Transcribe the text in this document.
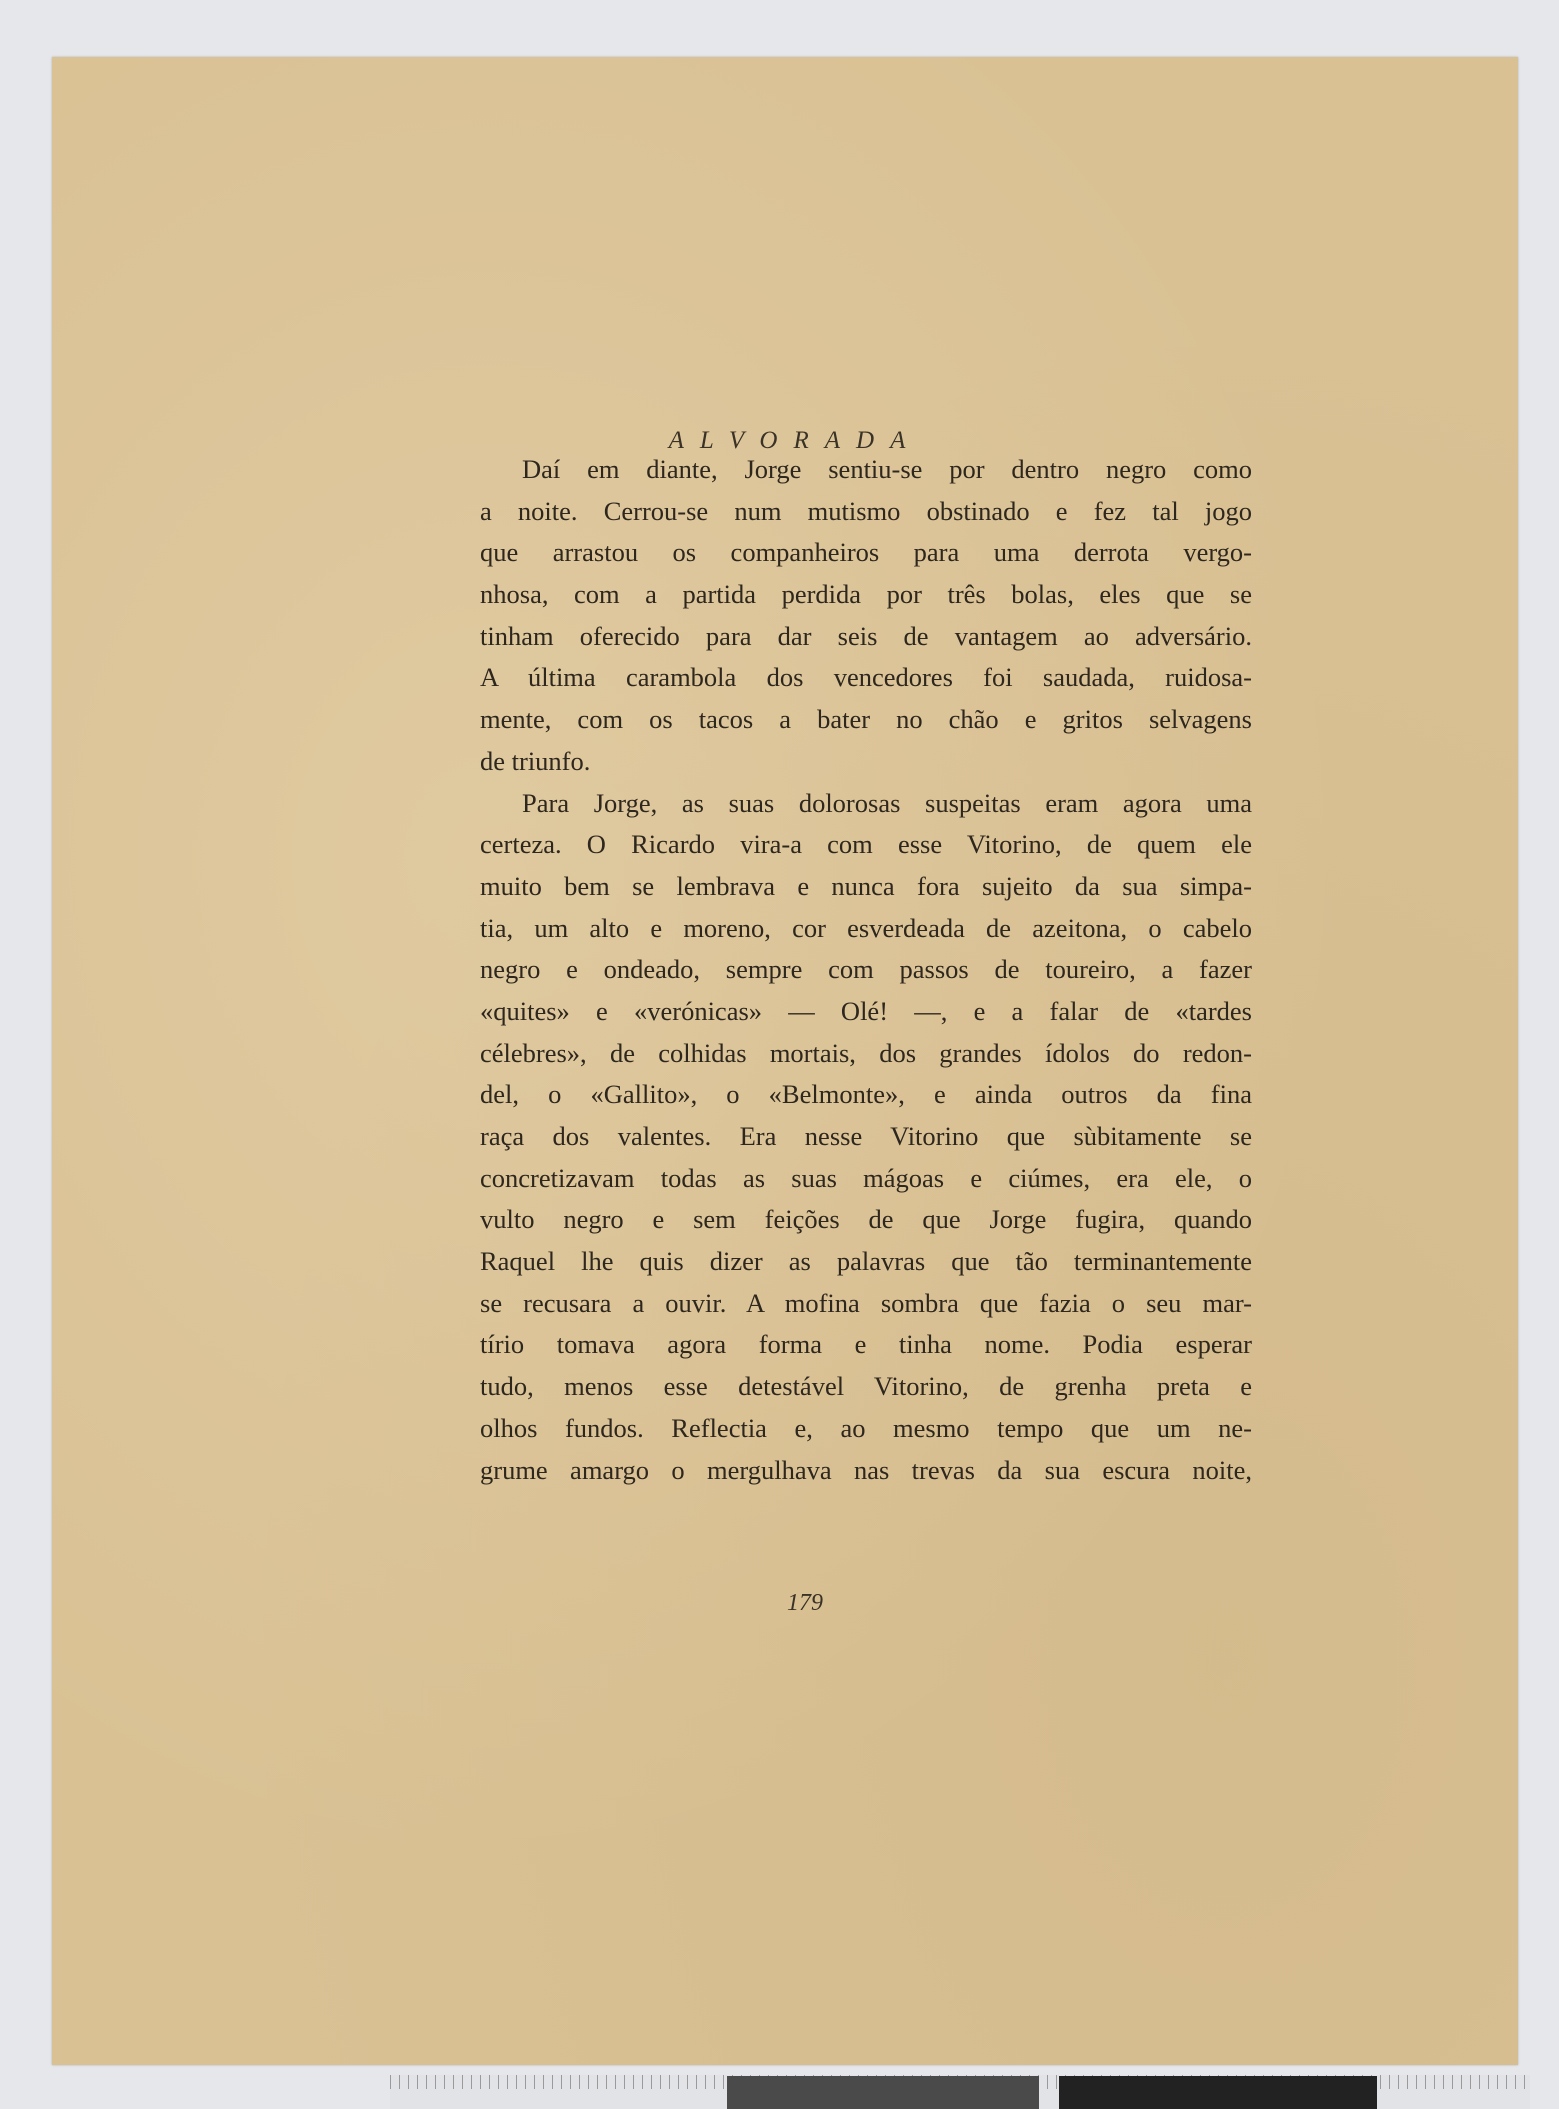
ALVORADA
Daí em diante, Jorge sentiu-se por dentro negro como
a noite. Cerrou-se num mutismo obstinado e fez tal jogo
que arrastou os companheiros para uma derrota vergo-
nhosa, com a partida perdida por três bolas, eles que se
tinham oferecido para dar seis de vantagem ao adversário.
A última carambola dos vencedores foi saudada, ruidosa-
mente, com os tacos a bater no chão e gritos selvagens
de triunfo.
Para Jorge, as suas dolorosas suspeitas eram agora uma
certeza. O Ricardo vira-a com esse Vitorino, de quem ele
muito bem se lembrava e nunca fora sujeito da sua simpa-
tia, um alto e moreno, cor esverdeada de azeitona, o cabelo
negro e ondeado, sempre com passos de toureiro, a fazer
«quites» e «verónicas» — Olé! —, e a falar de «tardes
célebres», de colhidas mortais, dos grandes ídolos do redon-
del, o «Gallito», o «Belmonte», e ainda outros da fina
raça dos valentes. Era nesse Vitorino que sùbitamente se
concretizavam todas as suas mágoas e ciúmes, era ele, o
vulto negro e sem feições de que Jorge fugira, quando
Raquel lhe quis dizer as palavras que tão terminantemente
se recusara a ouvir. A mofina sombra que fazia o seu mar-
tírio tomava agora forma e tinha nome. Podia esperar
tudo, menos esse detestável Vitorino, de grenha preta e
olhos fundos. Reflectia e, ao mesmo tempo que um ne-
grume amargo o mergulhava nas trevas da sua escura noite,
179
